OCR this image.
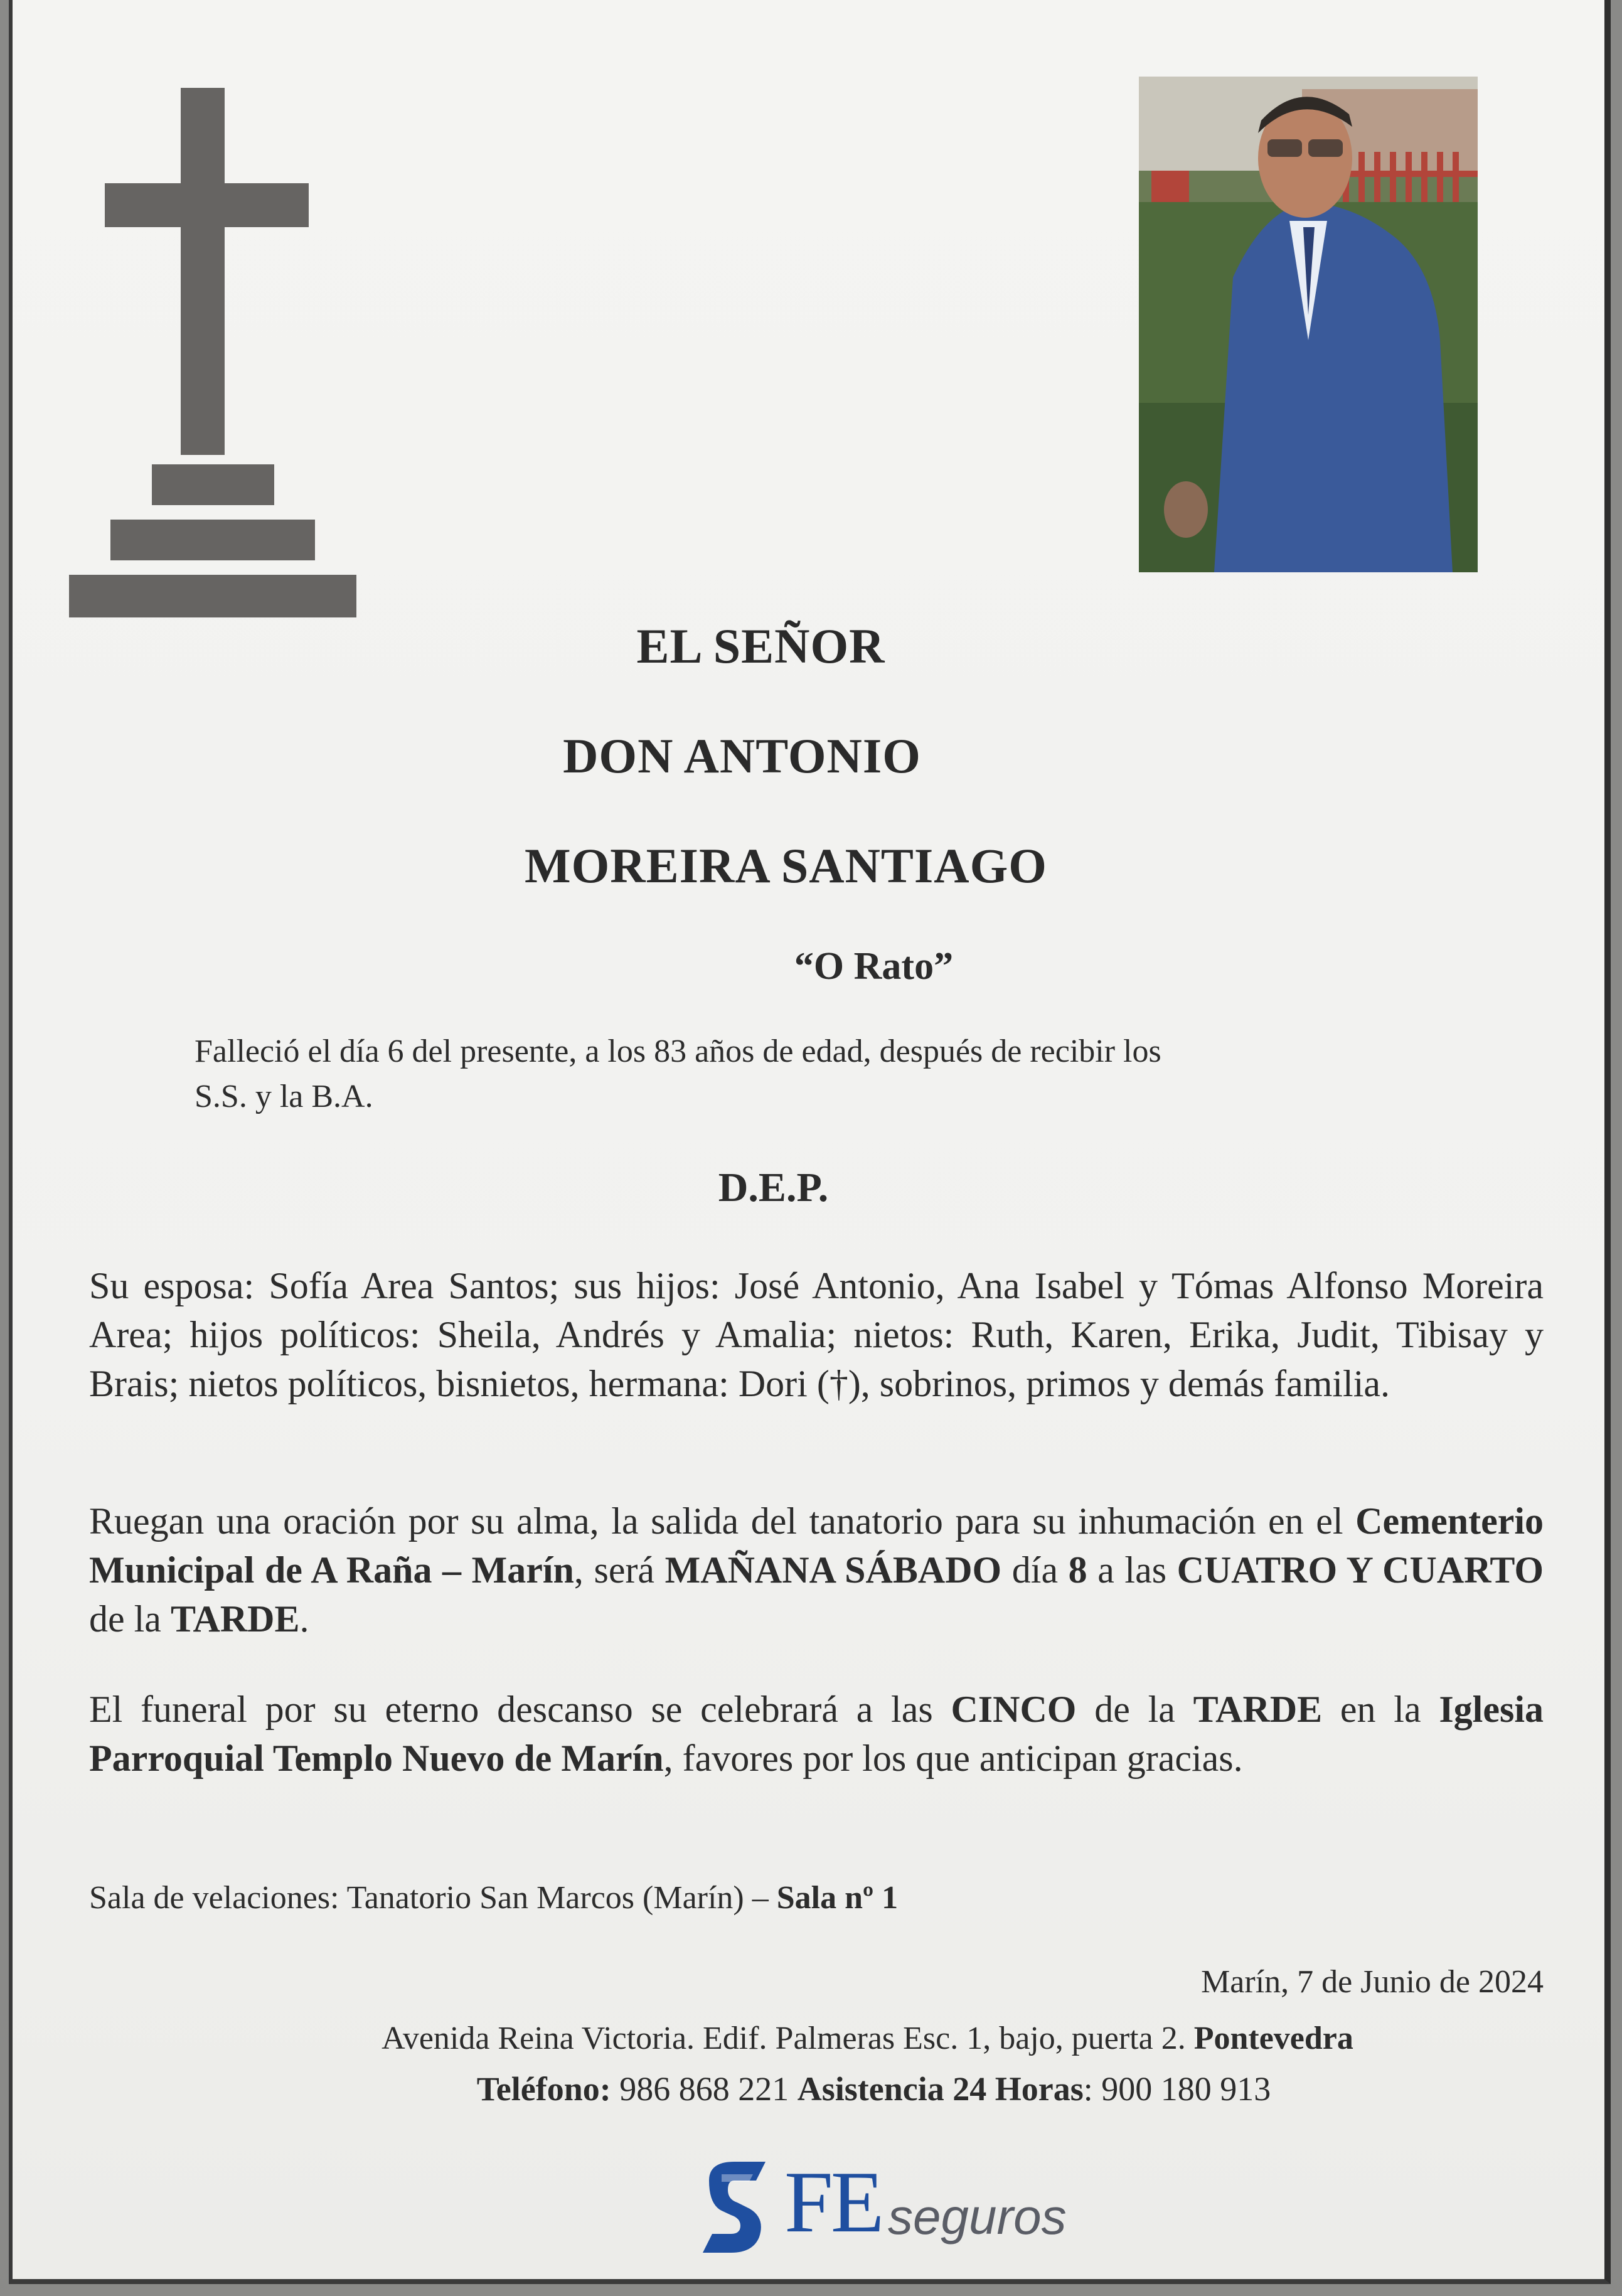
EL SEÑOR
DON ANTONIO
MOREIRA SANTIAGO
“O Rato”
Falleció el día 6 del presente, a los 83 años de edad, después de recibir los
S.S. y la B.A.
D.E.P.
Su esposa: Sofía Area Santos; sus hijos: José Antonio, Ana Isabel y Tómas Alfonso Moreira Area; hijos políticos: Sheila, Andrés y Amalia; nietos: Ruth, Karen, Erika, Judit, Tibisay y Brais; nietos políticos, bisnietos, hermana: Dori (†), sobrinos, primos y demás familia.
Ruegan una oración por su alma, la salida del tanatorio para su inhumación en el Cementerio Municipal de A Raña – Marín, será MAÑANA SÁBADO día 8 a las CUATRO Y CUARTO de la TARDE.
El funeral por su eterno descanso se celebrará a las CINCO de la TARDE en la Iglesia Parroquial Templo Nuevo de Marín, favores por los que anticipan gracias.
Sala de velaciones: Tanatorio San Marcos (Marín) – Sala nº 1
Marín, 7 de Junio de 2024
Avenida Reina Victoria. Edif. Palmeras Esc. 1, bajo, puerta 2. Pontevedra
Teléfono: 986 868 221 Asistencia 24 Horas: 900 180 913
FE seguros
